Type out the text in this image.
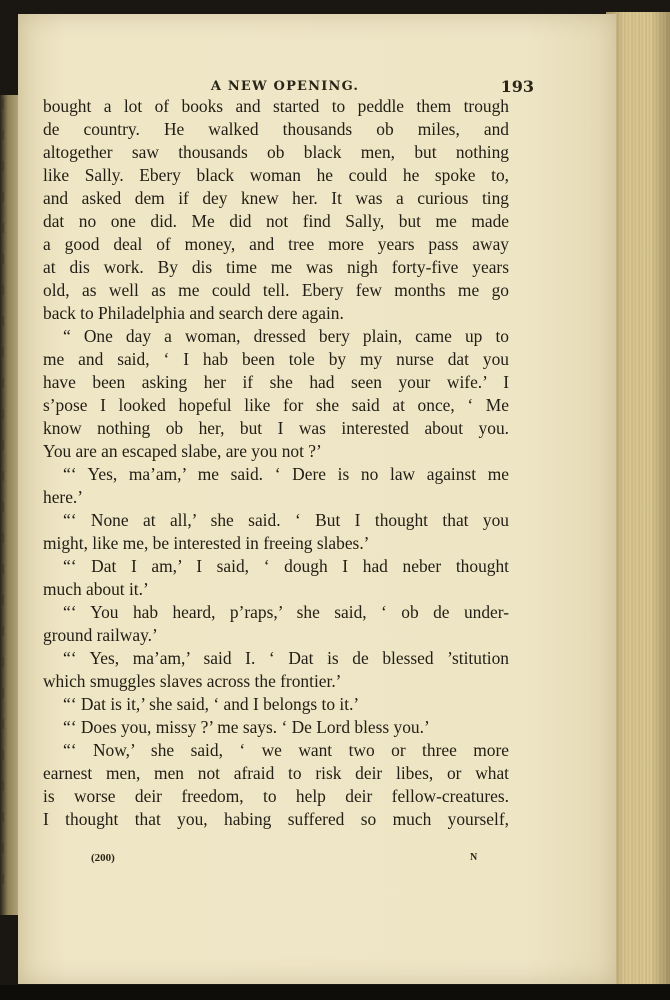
A NEW OPENING.	193
(200)	N
bought a lot of books and started to peddle them trough
de country. He walked thousands ob miles, and
altogether saw thousands ob black men, but nothing
like Sally. Ebery black woman he could he spoke to,
and asked dem if dey knew her. It was a curious ting
dat no one did. Me did not find Sally, but me made
a good deal of money, and tree more years pass away
at dis work. By dis time me was nigh forty-five years
old, as well as me could tell. Ebery few months me go
back to Philadelphia and search dere again.
“ One day a woman, dressed bery plain, came up to
me and said, ‘ I hab been tole by my nurse dat you
have been asking her if she had seen your wife.’ I
s’pose I looked hopeful like for she said at once, ‘ Me
know nothing ob her, but I was interested about you.
You are an escaped slabe, are you not ?’
“‘ Yes, ma’am,’ me said. ‘ Dere is no law against me
here.’
“‘ None at all,’ she said. ‘ But I thought that you
might, like me, be interested in freeing slabes.’
“‘ Dat I am,’ I said, ‘ dough I had neber thought
much about it.’
“‘ You hab heard, p’raps,’ she said, ‘ ob de under-
ground railway.’
“‘ Yes, ma’am,’ said I. ‘ Dat is de blessed ’stitution
which smuggles slaves across the frontier.’
“‘ Dat is it,’ she said, ‘ and I belongs to it.’
“‘ Does you, missy ?’ me says. ‘ De Lord bless you.’
“‘ Now,’ she said, ‘ we want two or three more
earnest men, men not afraid to risk deir libes, or what
is worse deir freedom, to help deir fellow-creatures.
I thought that you, habing suffered so much yourself,
